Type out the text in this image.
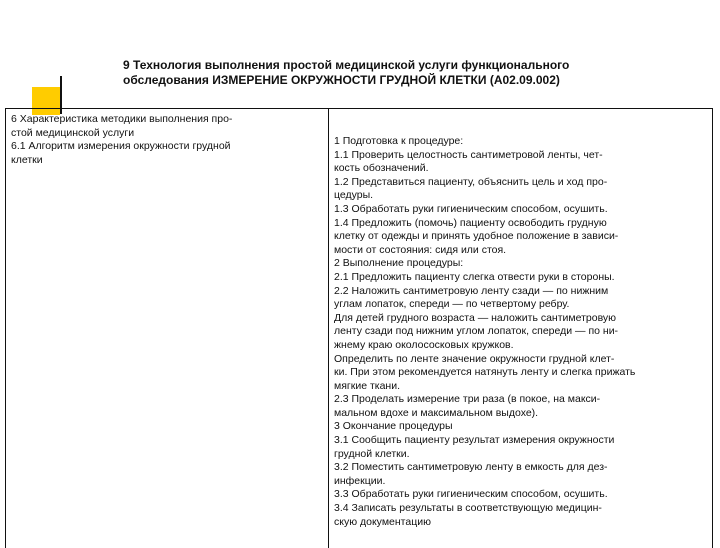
9 Технология выполнения простой медицинской услуги функционального
обследования ИЗМЕРЕНИЕ ОКРУЖНОСТИ ГРУДНОЙ КЛЕТКИ (А02.09.002)

6 Характеристика методики выполнения про-
стой медицинской услуги
6.1 Алгоритм измерения окружности грудной
клетки

1 Подготовка к процедуре:
1.1 Проверить целостность сантиметровой ленты, чет-
кость обозначений.
1.2 Представиться пациенту, объяснить цель и ход про-
цедуры.
1.3 Обработать руки гигиеническим способом, осушить.
1.4 Предложить (помочь) пациенту освободить грудную
клетку от одежды и принять удобное положение в зависи-
мости от состояния: сидя или стоя.
2 Выполнение процедуры:
2.1 Предложить пациенту слегка отвести руки в стороны.
2.2 Наложить сантиметровую ленту сзади — по нижним
углам лопаток, спереди — по четвертому ребру.
Для детей грудного возраста — наложить сантиметровую
ленту сзади под нижним углом лопаток, спереди — по ни-
жнему краю околососковых кружков.
Определить по ленте значение окружности грудной клет-
ки. При этом рекомендуется натянуть ленту и слегка прижать
мягкие ткани.
2.3 Проделать измерение три раза (в покое, на макси-
мальном вдохе и максимальном выдохе).
3 Окончание процедуры
3.1 Сообщить пациенту результат измерения окружности
грудной клетки.
3.2 Поместить сантиметровую ленту в емкость для дез-
инфекции.
3.3 Обработать руки гигиеническим способом, осушить.
3.4 Записать результаты в соответствующую медицин-
скую документацию
